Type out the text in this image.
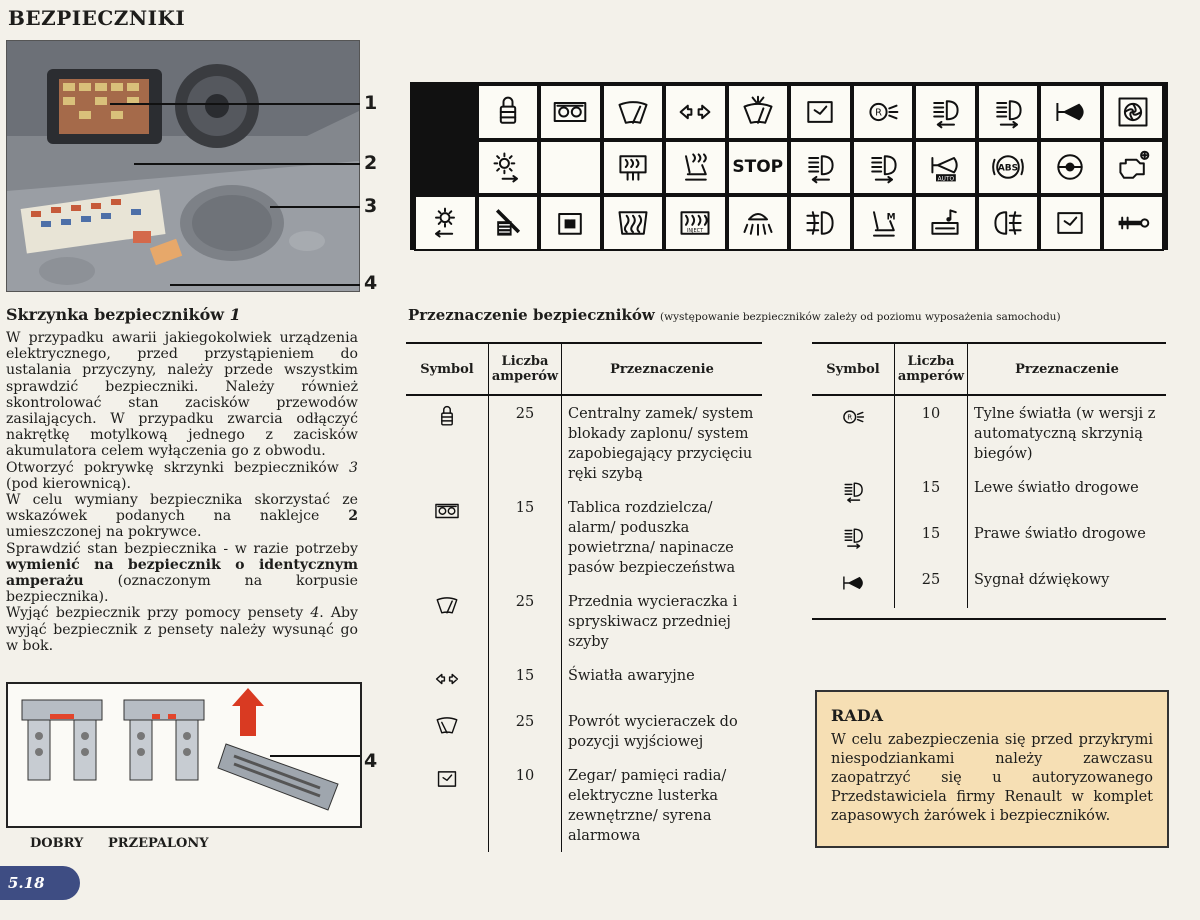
BEZPIECZNIKI
1
2
3
4
Skrzynka bezpieczników 1

W przypadku awarii jakiegokolwiek urządzenia elektrycznego, przed przystąpieniem do ustalania przyczyny, należy przede wszystkim sprawdzić bezpieczniki. Należy również skontrolować stan zacisków przewodów zasilających. W przypadku zwarcia odłączyć nakrętkę motylkową jednego z zacisków akumulatora celem wyłączenia go z obwodu.

Otworzyć pokrywkę skrzynki bezpieczników 3 (pod kierownicą).

W celu wymiany bezpiecznika skorzystać ze wskazówek podanych na naklejce 2 umieszczonej na pokrywce.

Sprawdzić stan bezpiecznika - w razie potrzeby wymienić na bezpiecznik o identycznym amperażu (oznaczonym na korpusie bezpiecznika).

Wyjąć bezpiecznik przy pomocy pensety 4. Aby wyjąć bezpiecznik z pensety należy wysunąć go w bok.

4
DOBRY PRZEPALONY
R
STOP
AUTO
ABS
INJECT
M
Przeznaczenie bezpieczników (występowanie bezpieczników zależy od poziomu wyposażenia samochodu)
Symbol	Liczba amperów	Przeznaczenie
	25	Centralny zamek/ system blokady zaplonu/ system zapobiegający przycięciu ręki szybą
	15	Tablica rozdzielcza/ alarm/ poduszka powietrzna/ napinacze pasów bezpieczeństwa
	25	Przednia wycieraczka i spryskiwacz przedniej szyby
	15	Światła awaryjne
	25	Powrót wycieraczek do pozycji wyjściowej
	10	Zegar/ pamięci radia/ elektryczne lusterka zewnętrzne/ syrena alarmowa
Symbol	Liczba amperów	Przeznaczenie

R	10	Tylne światła (w wersji z automatyczną skrzynią biegów)
	15	Lewe światło drogowe
	15	Prawe światło drogowe
	25	Sygnał dźwiękowy
RADA
W celu zabezpieczenia się przed przykrymi niespodziankami należy zawczasu zaopatrzyć się u autoryzowanego Przedstawiciela firmy Renault w komplet zapasowych żarówek i bezpieczników.
5.18
